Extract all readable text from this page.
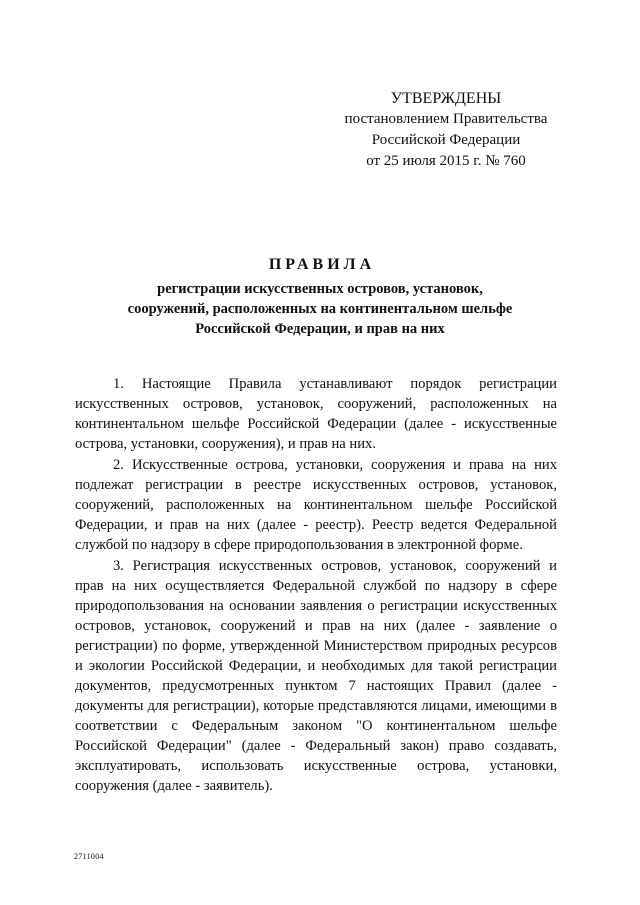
УТВЕРЖДЕНЫ
постановлением Правительства
Российской Федерации
от 25 июля 2015 г. № 760
ПРАВИЛА
регистрации искусственных островов, установок,
сооружений, расположенных на континентальном шельфе
Российской Федерации, и прав на них

1. Настоящие Правила устанавливают порядок регистрации искусственных островов, установок, сооружений, расположенных на континентальном шельфе Российской Федерации (далее - искусственные острова, установки, сооружения), и прав на них.

2. Искусственные острова, установки, сооружения и права на них подлежат регистрации в реестре искусственных островов, установок, сооружений, расположенных на континентальном шельфе Российской Федерации, и прав на них (далее - реестр). Реестр ведется Федеральной службой по надзору в сфере природопользования в электронной форме.

3. Регистрация искусственных островов, установок, сооружений и прав на них осуществляется Федеральной службой по надзору в сфере природопользования на основании заявления о регистрации искусственных островов, установок, сооружений и прав на них (далее - заявление о регистрации) по форме, утвержденной Министерством природных ресурсов и экологии Российской Федерации, и необходимых для такой регистрации документов, предусмотренных пунктом 7 настоящих Правил (далее - документы для регистрации), которые представляются лицами, имеющими в соответствии с Федеральным законом "О континентальном шельфе Российской Федерации" (далее - Федеральный закон) право создавать, эксплуатировать, использовать искусственные острова, установки, сооружения (далее - заявитель).

2711004
